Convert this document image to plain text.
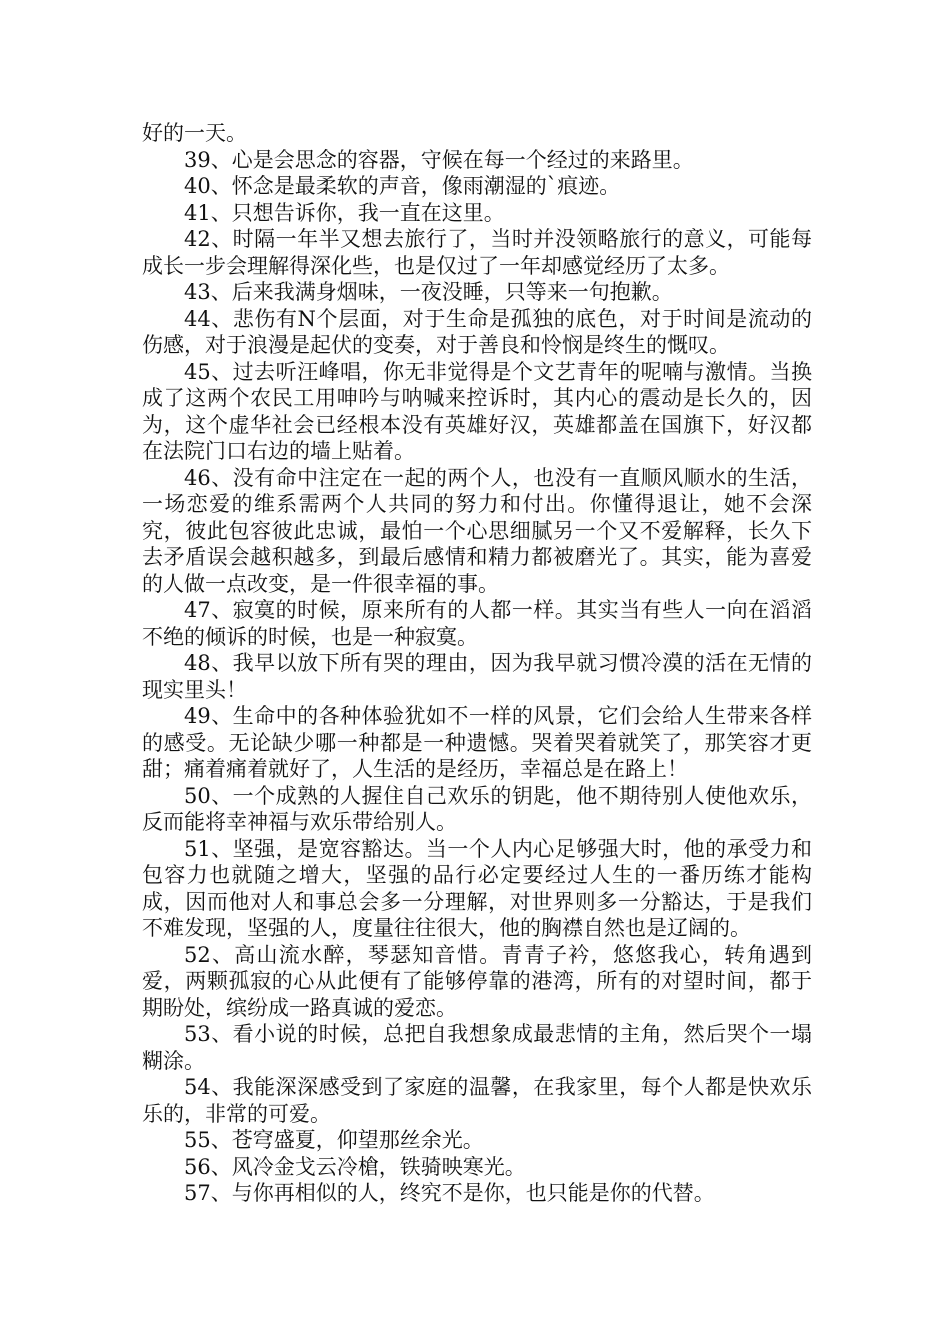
好的一天。

39、心是会思念的容器，守候在每一个经过的来路里。

40、怀念是最柔软的声音，像雨潮湿的`痕迹。

41、只想告诉你，我一直在这里。

42、时隔一年半又想去旅行了，当时并没领略旅行的意义，可能每成长一步会理解得深化些，也是仅过了一年却感觉经历了太多。

43、后来我满身烟味，一夜没睡，只等来一句抱歉。

44、悲伤有N个层面，对于生命是孤独的底色，对于时间是流动的伤感，对于浪漫是起伏的变奏，对于善良和怜悯是终生的慨叹。

45、过去听汪峰唱，你无非觉得是个文艺青年的呢喃与激情。当换成了这两个农民工用呻吟与呐喊来控诉时，其内心的震动是长久的，因为，这个虚华社会已经根本没有英雄好汉，英雄都盖在国旗下，好汉都在法院门口右边的墙上贴着。

46、没有命中注定在一起的两个人，也没有一直顺风顺水的生活，一场恋爱的维系需两个人共同的努力和付出。你懂得退让，她不会深究，彼此包容彼此忠诚，最怕一个心思细腻另一个又不爱解释，长久下去矛盾误会越积越多，到最后感情和精力都被磨光了。其实，能为喜爱的人做一点改变，是一件很幸福的事。

47、寂寞的时候，原来所有的人都一样。其实当有些人一向在滔滔不绝的倾诉的时候，也是一种寂寞。

48、我早以放下所有哭的理由，因为我早就习惯冷漠的活在无情的现实里头！

49、生命中的各种体验犹如不一样的风景，它们会给人生带来各样的感受。无论缺少哪一种都是一种遗憾。哭着哭着就笑了，那笑容才更甜；痛着痛着就好了，人生活的是经历，幸福总是在路上！

50、一个成熟的人握住自己欢乐的钥匙，他不期待别人使他欢乐，反而能将幸神福与欢乐带给别人。

51、坚强，是宽容豁达。当一个人内心足够强大时，他的承受力和包容力也就随之增大，坚强的品行必定要经过人生的一番历练才能构成，因而他对人和事总会多一分理解，对世界则多一分豁达，于是我们不难发现，坚强的人，度量往往很大，他的胸襟自然也是辽阔的。

52、高山流水醉，琴瑟知音惜。青青子衿，悠悠我心，转角遇到爱，两颗孤寂的心从此便有了能够停靠的港湾，所有的对望时间，都于期盼处，缤纷成一路真诚的爱恋。

53、看小说的时候，总把自我想象成最悲情的主角，然后哭个一塌糊涂。

54、我能深深感受到了家庭的温馨，在我家里，每个人都是快欢乐乐的，非常的可爱。

55、苍穹盛夏，仰望那丝余光。

56、风冷金戈云冷槍，铁骑映寒光。

57、与你再相似的人，终究不是你，也只能是你的代替。
